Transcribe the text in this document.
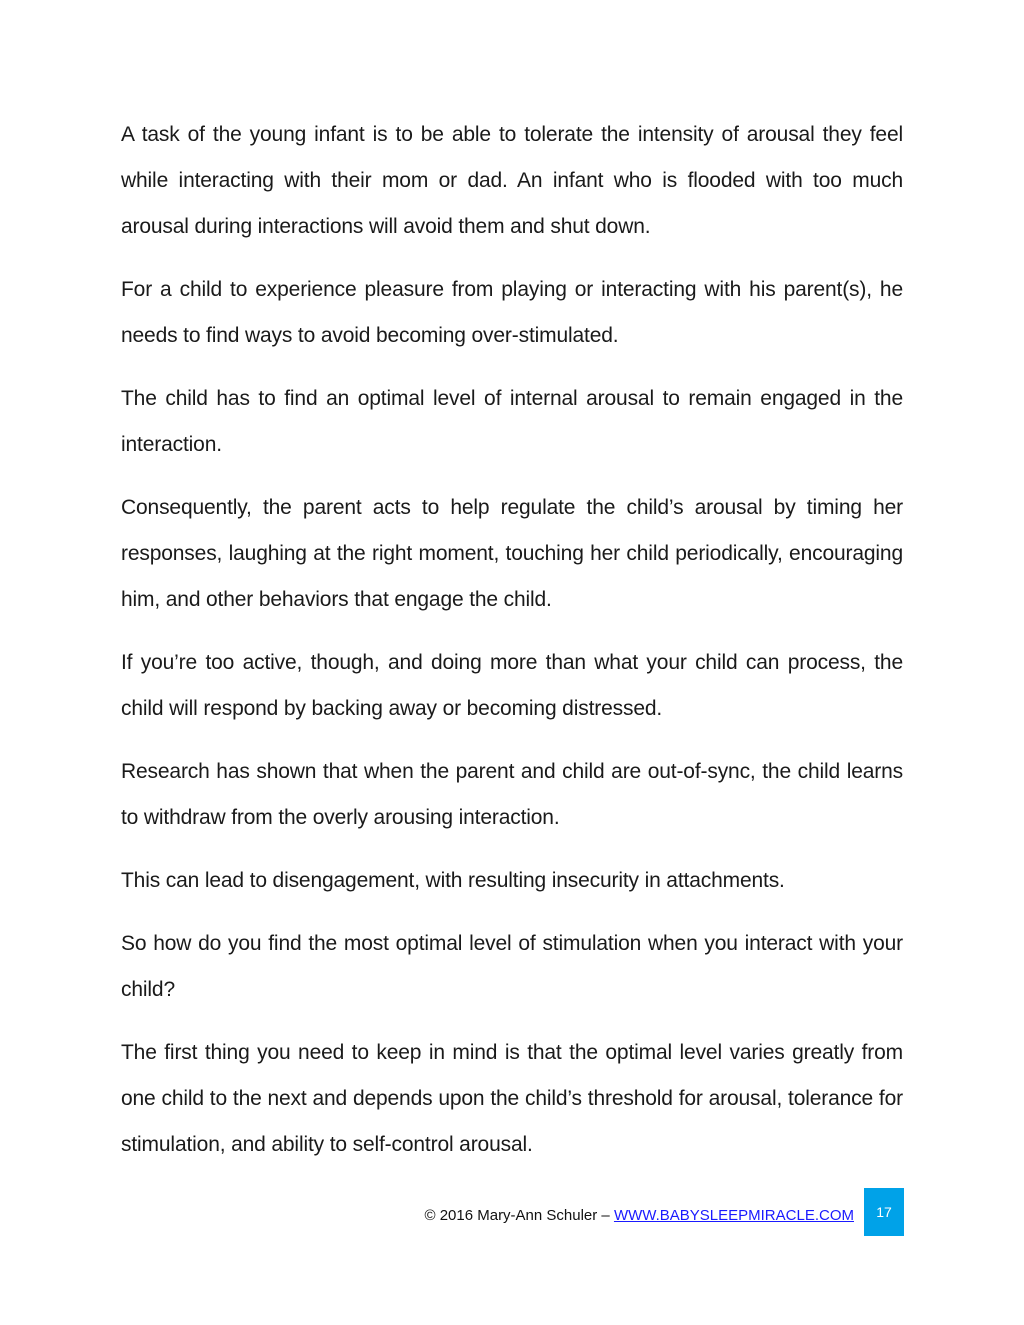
A task of the young infant is to be able to tolerate the intensity of arousal they feel while interacting with their mom or dad. An infant who is flooded with too much arousal during interactions will avoid them and shut down.

For a child to experience pleasure from playing or interacting with his parent(s), he needs to find ways to avoid becoming over-stimulated.

The child has to find an optimal level of internal arousal to remain engaged in the interaction.

Consequently, the parent acts to help regulate the child’s arousal by timing her responses, laughing at the right moment, touching her child periodically, encouraging him, and other behaviors that engage the child.

If you’re too active, though, and doing more than what your child can process, the child will respond by backing away or becoming distressed.

Research has shown that when the parent and child are out-of-sync, the child learns to withdraw from the overly arousing interaction.

This can lead to disengagement, with resulting insecurity in attachments.

So how do you find the most optimal level of stimulation when you interact with your child?

The first thing you need to keep in mind is that the optimal level varies greatly from one child to the next and depends upon the child’s threshold for arousal, tolerance for stimulation, and ability to self-control arousal.

© 2016 Mary-Ann Schuler – WWW.BABYSLEEPMIRACLE.COM 17
